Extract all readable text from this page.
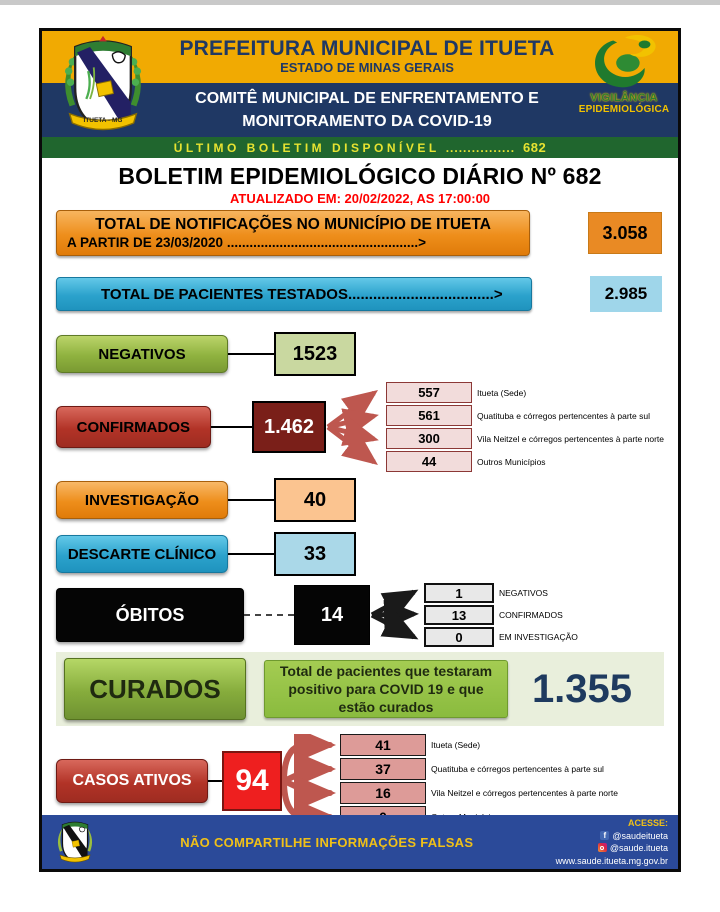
PREFEITURA MUNICIPAL DE ITUETA
ESTADO DE MINAS GERAIS
COMITÊ MUNICIPAL DE ENFRENTAMENTO E
MONITORAMENTO DA COVID-19
ÚLTIMO BOLETIM DISPONÍVEL ................ 682
ITUETA - MG
VIGILÂNCIA
EPIDEMIOLÓGICA
BOLETIM EPIDEMIOLÓGICO DIÁRIO Nº 682
ATUALIZADO EM: 20/02/2022, AS 17:00:00
TOTAL DE NOTIFICAÇÕES NO MUNICÍPIO DE ITUETA
A PARTIR DE 23/03/2020 ...................................................>	3.058
TOTAL DE PACIENTES TESTADOS...................................>	2.985
NEGATIVOS	1523
CONFIRMADOS	1.462
557	Itueta (Sede)
561	Quatituba e córregos pertencentes à parte sul
300	Vila Neitzel e córregos pertencentes à parte norte
44	Outros Municípios
INVESTIGAÇÃO	40
DESCARTE CLÍNICO	33
ÓBITOS	14
1	NEGATIVOS
13	CONFIRMADOS
0	EM INVESTIGAÇÃO
CURADOS
Total de pacientes que testaram positivo para COVID 19 e que estão curados	1.355
CASOS ATIVOS	94
41	Itueta (Sede)
37	Quatituba e córregos pertencentes à parte sul
16	Vila Neitzel e córregos pertencentes à parte norte
NÃO COMPARTILHE INFORMAÇÕES FALSAS
ACESSE:
f @saudeitueta

@saude.itueta
www.saude.itueta.mg.gov.br
